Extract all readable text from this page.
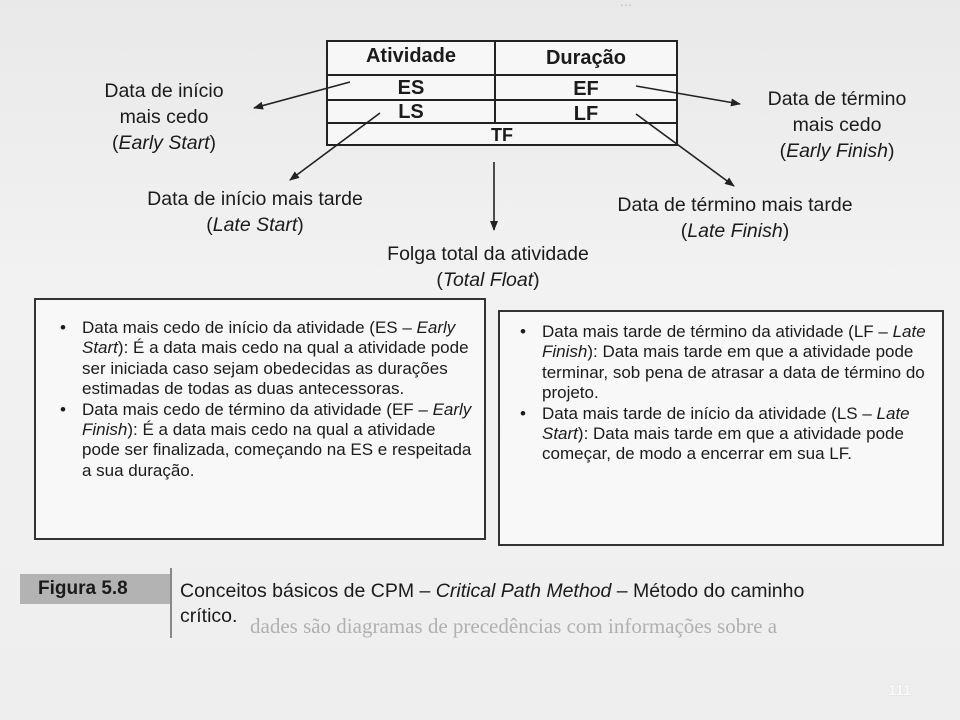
...
Atividade	Duração
ES	EF
LS	LF
TF
Data de início
mais cedo
(Early Start)
Data de término
mais cedo
(Early Finish)
Data de início mais tarde
(Late Start)
Data de término mais tarde
(Late Finish)
Folga total da atividade
(Total Float)
• Data mais cedo de início da atividade (ES – Early Start): É a data mais cedo na qual a atividade pode ser iniciada caso sejam obedecidas as durações estimadas de todas as duas antecessoras.
• Data mais cedo de término da atividade (EF – Early Finish): É a data mais cedo na qual a atividade pode ser finalizada, começando na ES e respeitada a sua duração.
• Data mais tarde de término da atividade (LF – Late Finish): Data mais tarde em que a atividade pode terminar, sob pena de atrasar a data de término do projeto.
• Data mais tarde de início da atividade (LS – Late Start): Data mais tarde em que a atividade pode começar, de modo a encerrar em sua LF.
Figura 5.8	Conceitos básicos de CPM – Critical Path Method – Método do caminho
crítico. dades são diagramas de precedências com informações sobre a
111
